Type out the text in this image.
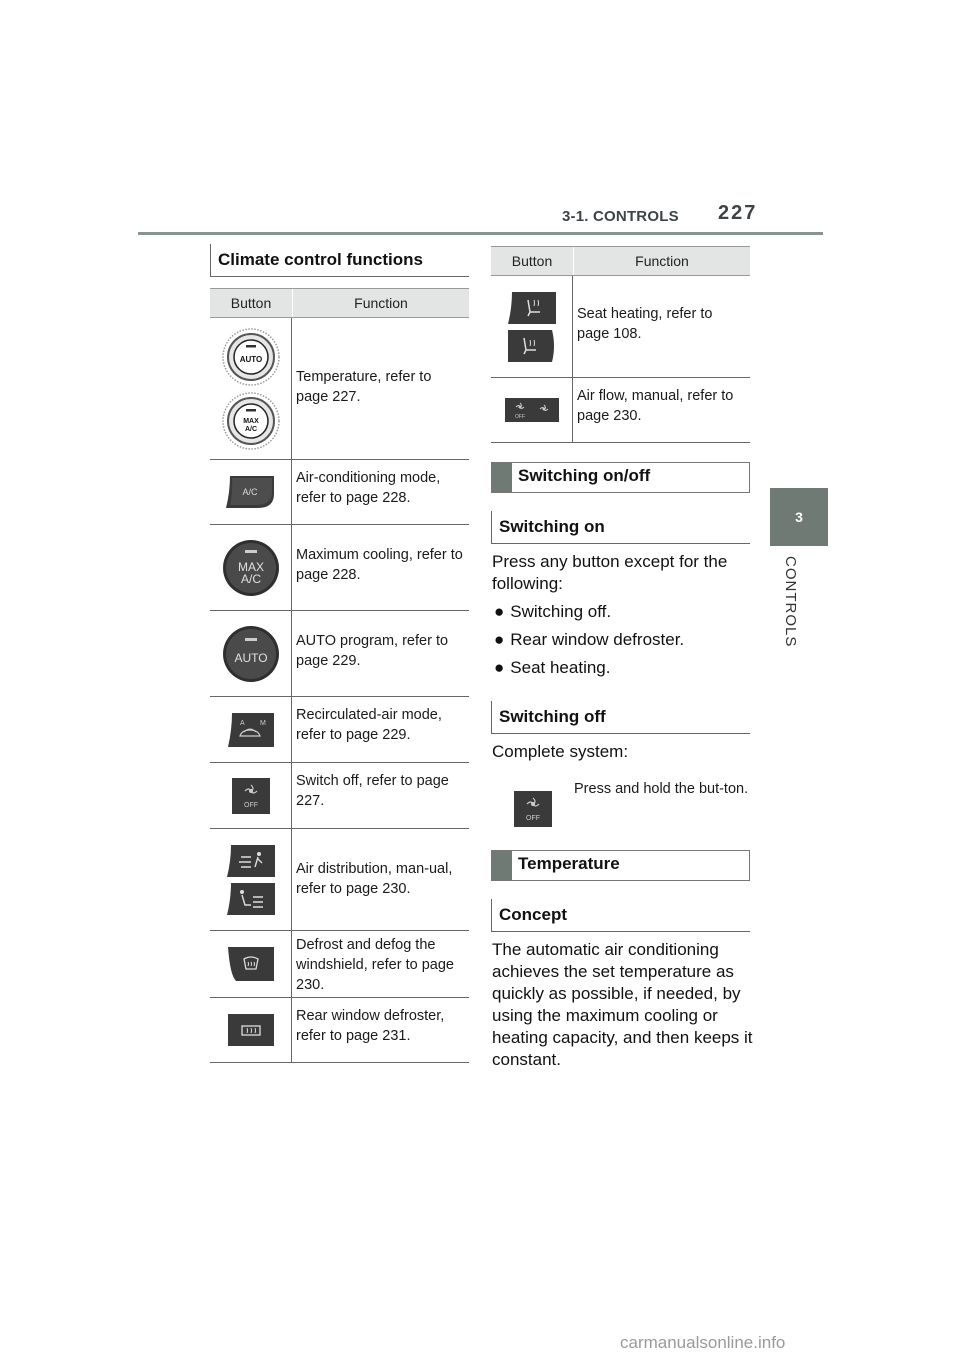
3-1. CONTROLS 227
3
CONTROLS
Climate control functions
Button	Function
AUTO
MAX
A/C
Temperature, refer to page 227.
A/C
Air-conditioning mode, refer to page 228.
MAX
A/C
Maximum cooling, refer to page 228.
AUTO
AUTO program, refer to page 229.
A M Recirculated-air mode, refer to page 229.
OFF
Switch off, refer to page 227.
Air distribution, man-ual, refer to page 230.
Defrost and defog the windshield, refer to page 230.
Rear window defroster, refer to page 231.
Button	Function
Seat heating, refer to page 108.
OFF
Air flow, manual, refer to page 230.
Switching on/off
Switching on
Press any button except for the following:
● Switching off.
● Rear window defroster.
● Seat heating.
Switching off
Complete system:
OFF
Press and hold the but-ton.
Temperature
Concept
The automatic air conditioning achieves the set temperature as quickly as possible, if needed, by using the maximum cooling or heating capacity, and then keeps it constant.
carmanualsonline.info
